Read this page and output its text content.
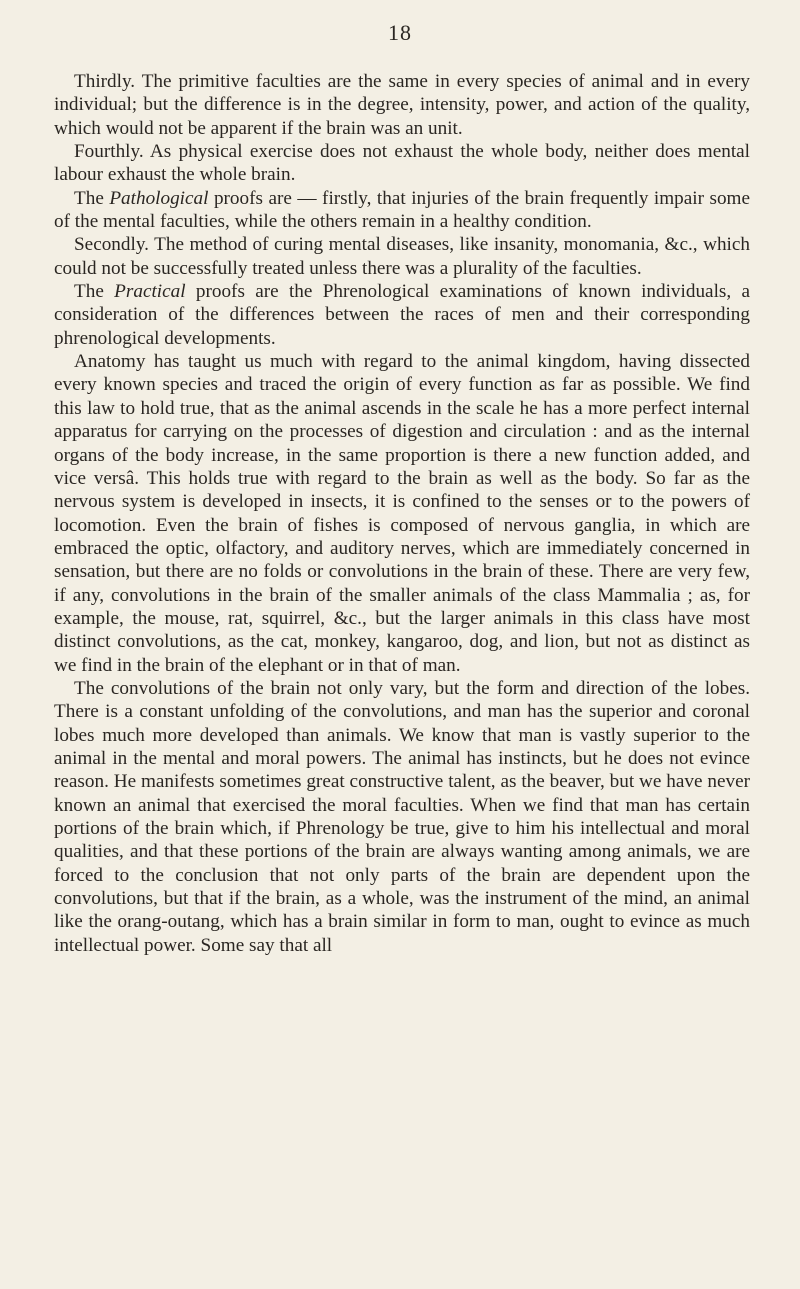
18

Thirdly. The primitive faculties are the same in every species of animal and in every individual; but the difference is in the degree, intensity, power, and action of the quality, which would not be apparent if the brain was an unit.

Fourthly. As physical exercise does not exhaust the whole body, neither does mental labour exhaust the whole brain.

The Pathological proofs are — firstly, that injuries of the brain frequently impair some of the mental faculties, while the others remain in a healthy condition.

Secondly. The method of curing mental diseases, like insanity, monomania, &c., which could not be successfully treated unless there was a plurality of the faculties.

The Practical proofs are the Phrenological examinations of known individuals, a consideration of the differences between the races of men and their corresponding phrenological developments.

Anatomy has taught us much with regard to the animal kingdom, having dissected every known species and traced the origin of every function as far as possible. We find this law to hold true, that as the animal ascends in the scale he has a more perfect internal apparatus for carrying on the processes of digestion and circulation : and as the internal organs of the body increase, in the same proportion is there a new function added, and vice versâ. This holds true with regard to the brain as well as the body. So far as the nervous system is developed in insects, it is confined to the senses or to the powers of locomotion. Even the brain of fishes is composed of nervous ganglia, in which are embraced the optic, olfactory, and auditory nerves, which are immediately concerned in sensation, but there are no folds or convolutions in the brain of these. There are very few, if any, convolutions in the brain of the smaller animals of the class Mammalia ; as, for example, the mouse, rat, squirrel, &c., but the larger animals in this class have most distinct convolutions, as the cat, monkey, kangaroo, dog, and lion, but not as distinct as we find in the brain of the elephant or in that of man.

The convolutions of the brain not only vary, but the form and direction of the lobes. There is a constant unfolding of the convolutions, and man has the superior and coronal lobes much more developed than animals. We know that man is vastly superior to the animal in the mental and moral powers. The animal has instincts, but he does not evince reason. He manifests sometimes great constructive talent, as the beaver, but we have never known an animal that exercised the moral faculties. When we find that man has certain portions of the brain which, if Phrenology be true, give to him his intellectual and moral qualities, and that these portions of the brain are always wanting among animals, we are forced to the conclusion that not only parts of the brain are dependent upon the convolutions, but that if the brain, as a whole, was the instrument of the mind, an animal like the orang-outang, which has a brain similar in form to man, ought to evince as much intellectual power. Some say that all
